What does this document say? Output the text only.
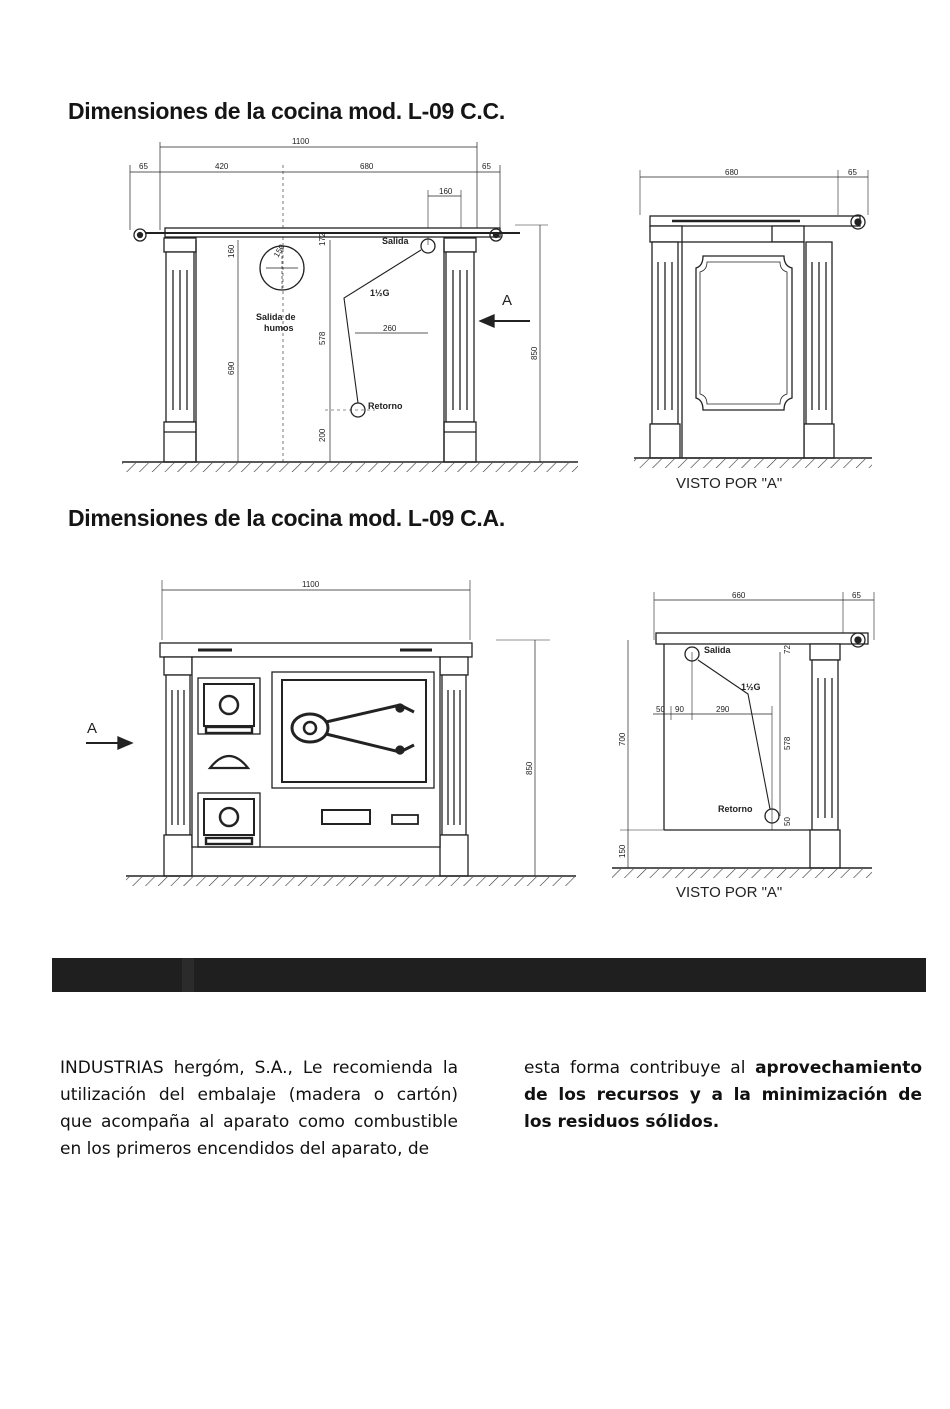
Dimensiones de la cocina mod. L-09 C.C.
Dimensiones de la cocina mod. L-09 C.A.
1100
65	420	680	65
160
Salida
150
160
172
Salida de
humos
1½G
260
578
690
Retorno
200
850
A
680	65
VISTO POR "A"
1100
850
A
660	65
Salida	72
1½G
50 90	290
700	578
Retorno
50
150
VISTO POR "A"

INDUSTRIAS hergóm, S.A., Le recomienda la utilización del embalaje (madera o cartón) que acompaña al aparato como combustible en los primeros encendidos del aparato, de

esta forma contribuye al aprovechamiento de los recursos y a la minimización de los residuos sólidos.
